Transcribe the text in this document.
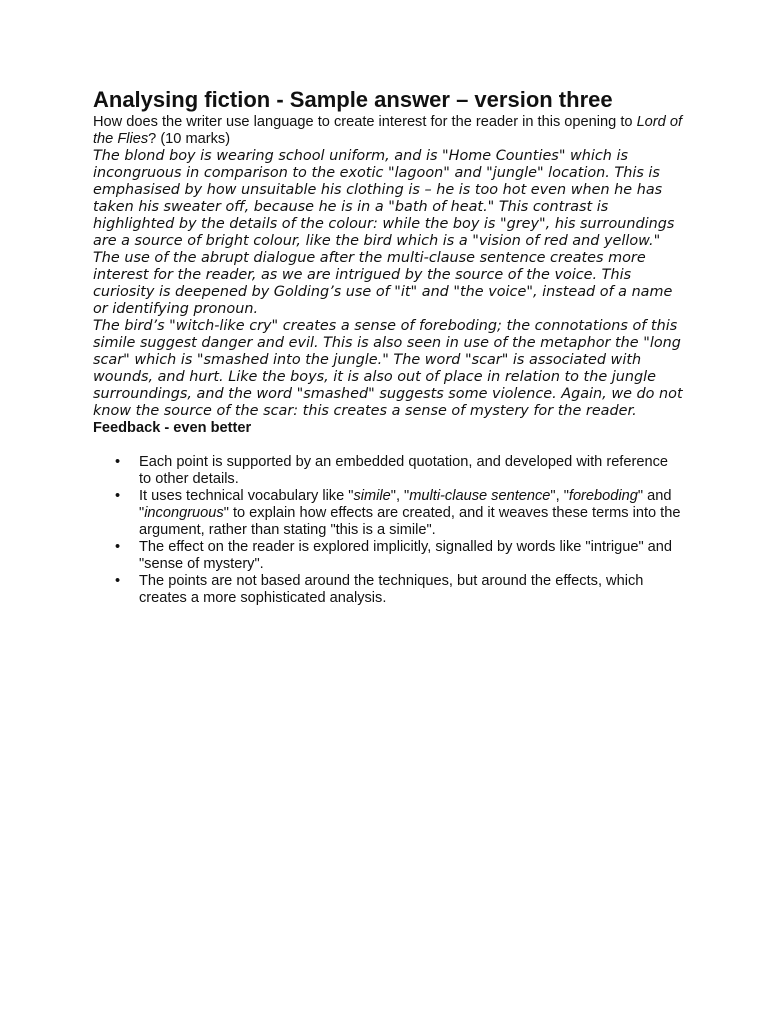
Analysing fiction - Sample answer – version three

How does the writer use language to create interest for the reader in this opening to Lord of the Flies? (10 marks)

The blond boy is wearing school uniform, and is "Home Counties" which is incongruous in comparison to the exotic "lagoon" and "jungle" location. This is emphasised by how unsuitable his clothing is – he is too hot even when he has taken his sweater off, because he is in a "bath of heat." This contrast is highlighted by the details of the colour: while the boy is "grey", his surroundings are a source of bright colour, like the bird which is a "vision of red and yellow." The use of the abrupt dialogue after the multi-clause sentence creates more interest for the reader, as we are intrigued by the source of the voice. This curiosity is deepened by Golding’s use of "it" and "the voice", instead of a name or identifying pronoun.

The bird’s "witch-like cry" creates a sense of foreboding; the connotations of this simile suggest danger and evil. This is also seen in use of the metaphor the "long scar" which is "smashed into the jungle." The word "scar" is associated with wounds, and hurt. Like the boys, it is also out of place in relation to the jungle surroundings, and the word "smashed" suggests some violence. Again, we do not know the source of the scar: this creates a sense of mystery for the reader.

Feedback - even better

• Each point is supported by an embedded quotation, and developed with reference to other details.
• It uses technical vocabulary like "simile", "multi-clause sentence", "foreboding" and "incongruous" to explain how effects are created, and it weaves these terms into the argument, rather than stating "this is a simile".
• The effect on the reader is explored implicitly, signalled by words like "intrigue" and "sense of mystery".
• The points are not based around the techniques, but around the effects, which creates a more sophisticated analysis.
